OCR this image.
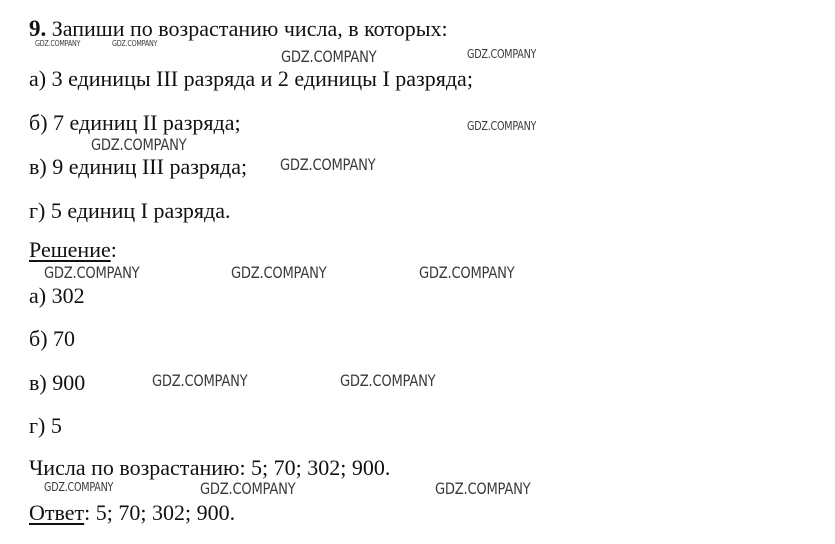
9. Запиши по возрастанию числа, в которых:
а) 3 единицы III разряда и 2 единицы I разряда;
б) 7 единиц II разряда;
в) 9 единиц III разряда;
г) 5 единиц I разряда.
Решение:
а) 302
б) 70
в) 900
г) 5
Числа по возрастанию: 5; 70; 302; 900.
Ответ: 5; 70; 302; 900.
GDZ.COMPANY	GDZ.COMPANY
GDZ.COMPANY	GDZ.COMPANY
GDZ.COMPANY
GDZ.COMPANY
GDZ.COMPANY
GDZ.COMPANY	GDZ.COMPANY	GDZ.COMPANY
GDZ.COMPANY	GDZ.COMPANY
GDZ.COMPANY	GDZ.COMPANY	GDZ.COMPANY
